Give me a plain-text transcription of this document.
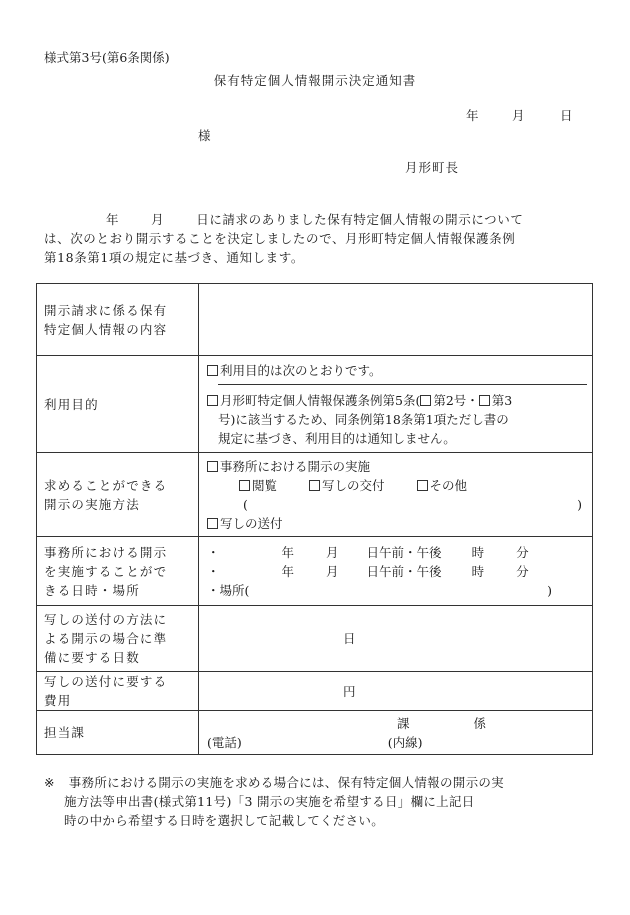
様式第3号(第6条関係)
保有特定個人情報開示決定通知書
年	月	日
様
月形町長
年	月	日に請求のありました保有特定個人情報の開示について
は、次のとおり開示することを決定しましたので、月形町特定個人情報保護条例
第18条第1項の規定に基づき、通知します。
開示請求に係る保有
特定個人情報の内容	

利用目的	利用目的は次のとおりです。
月形町特定個人情報保護条例第5条( 第2号・ 第3
号)に該当するため、同条例第18条第1項ただし書の
規定に基づき、利用目的は通知しません。

求めることができる
開示の実施方法	事務所における開示の実施
閲覧 写しの交付 その他
( )
写しの送付

事務所における開示
を実施することがで
きる日時・場所	・ 年 月 日午前・午後 時 分
・ 年 月 日午前・午後 時 分
・場所( )

写しの送付の方法に
よる開示の場合に準
備に要する日数	日

写しの送付に要する
費用	円

担当課	課 係
(電話) (内線)
※ 事務所における開示の実施を求める場合には、保有特定個人情報の開示の実
施方法等申出書(様式第11号)「3 開示の実施を希望する日」欄に上記日
時の中から希望する日時を選択して記載してください。
